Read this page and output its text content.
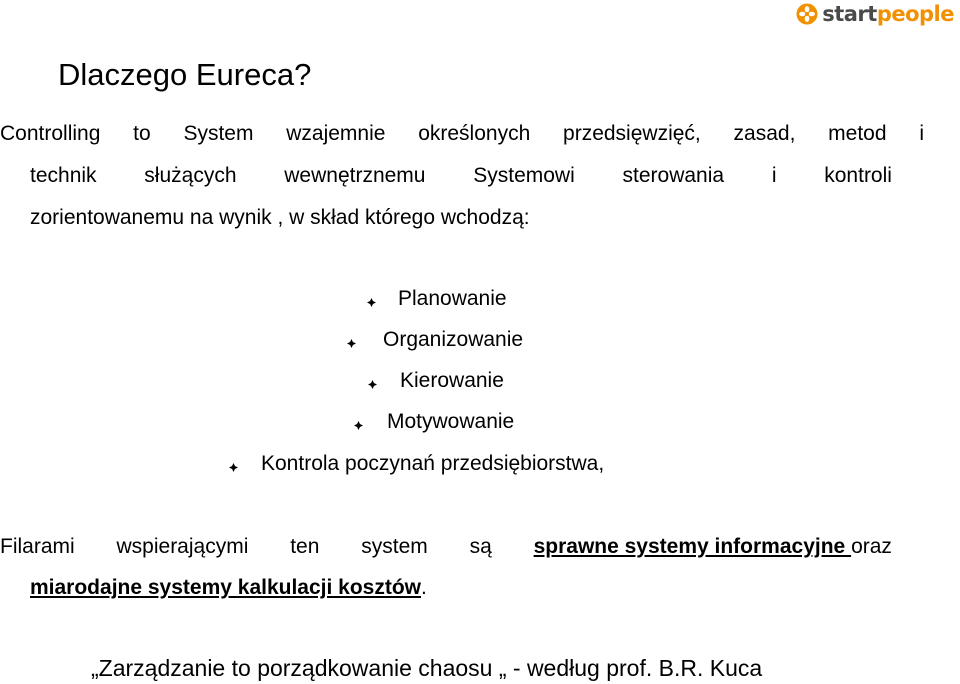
startpeople
Dlaczego Eureca?
Controlling to System wzajemnie określonych przedsięwzięć, zasad, metod i
technik służących wewnętrznemu Systemowi sterowania i kontroli
zorientowanemu na wynik , w skład którego wchodzą:
Planowanie
Organizowanie
Kierowanie
Motywowanie
Kontrola poczynań przedsiębiorstwa,
Filarami wspierającymi ten system są sprawne systemy informacyjne oraz
miarodajne systemy kalkulacji kosztów.
„Zarządzanie to porządkowanie chaosu „ - według prof. B.R. Kuca
